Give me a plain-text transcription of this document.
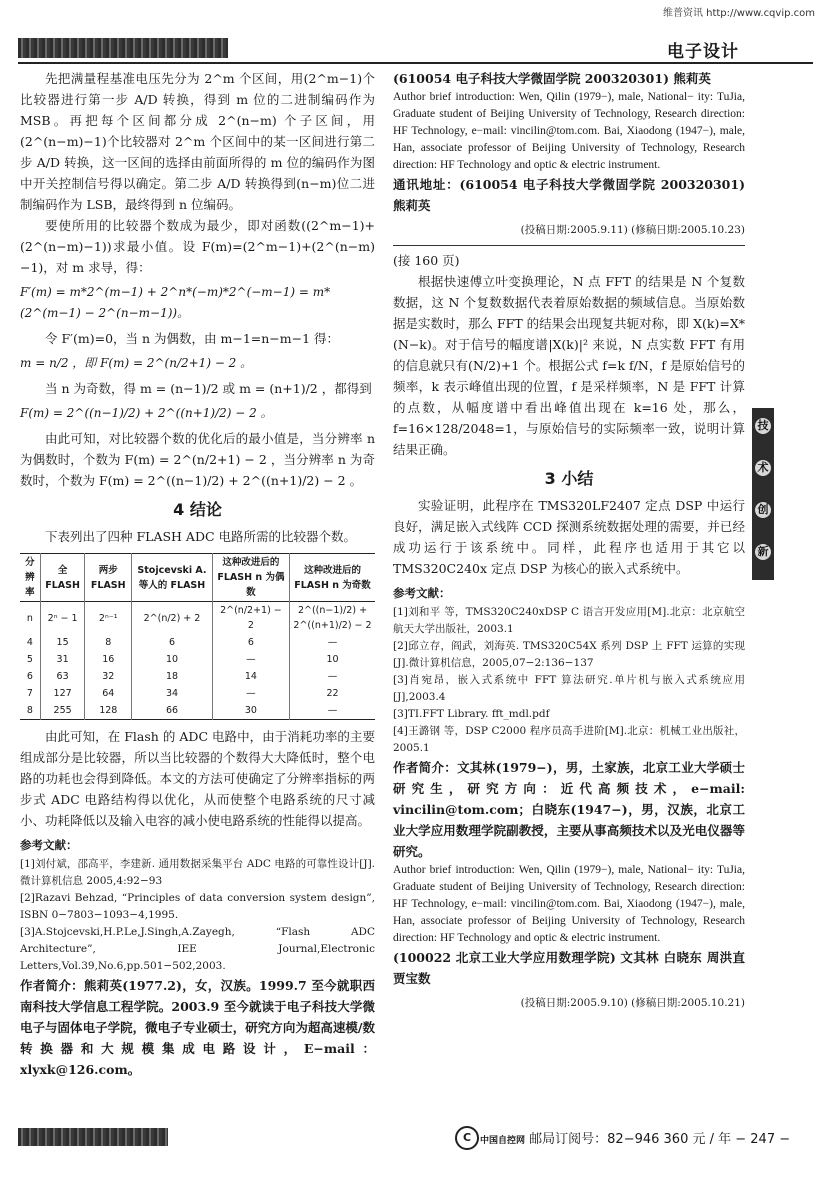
维普资讯 http://www.cqvip.com
电子设计

先把满量程基准电压先分为 2^m 个区间，用(2^m−1)个比较器进行第一步 A/D 转换，得到 m 位的二进制编码作为 MSB。再把每个区间都分成 2^(n−m) 个子区间，用(2^(n−m)−1)个比较器对 2^m 个区间中的某一区间进行第二步 A/D 转换，这一区间的选择由前面所得的 m 位的编码作为图中开关控制信号得以确定。第二步 A/D 转换得到(n−m)位二进制编码作为 LSB，最终得到 n 位编码。

要使所用的比较器个数成为最少，即对函数((2^m−1)+(2^(n−m)−1))求最小值。设 F(m)=(2^m−1)+(2^(n−m)−1)，对 m 求导，得：

F′(m) = m*2^(m−1) + 2^n*(−m)*2^(−m−1) = m*(2^(m−1) − 2^(n−m−1))。

令 F′(m)=0，当 n 为偶数，由 m−1=n−m−1 得：

m = n/2 ，即 F(m) = 2^(n/2+1) − 2 。

当 n 为奇数，得 m = (n−1)/2 或 m = (n+1)/2 ，都得到

F(m) = 2^((n−1)/2) + 2^((n+1)/2) − 2 。

由此可知，对比较器个数的优化后的最小值是，当分辨率 n 为偶数时，个数为 F(m) = 2^(n/2+1) − 2 ，当分辨率 n 为奇数时，个数为 F(m) = 2^((n−1)/2) + 2^((n+1)/2) − 2 。

4 结论

下表列出了四种 FLASH ADC 电路所需的比较器个数。

分辨率	全 FLASH	两步 FLASH	Stojcevski A. 等人的 FLASH	这种改进后的 FLASH n 为偶数	这种改进后的 FLASH n 为奇数
n	2ⁿ − 1	2ⁿ⁻¹	2^(n/2) + 2	2^(n/2+1) − 2	2^((n−1)/2) + 2^((n+1)/2) − 2
4	15	8	6	6	—
5	31	16	10	—	10
6	63	32	18	14	—
7	127	64	34	—	22
8	255	128	66	30	—

由此可知，在 Flash 的 ADC 电路中，由于消耗功率的主要组成部分是比较器，所以当比较器的个数得大大降低时，整个电路的功耗也会得到降低。本文的方法可使确定了分辨率指标的两步式 ADC 电路结构得以优化，从而使整个电路系统的尺寸减小、功耗降低以及输入电容的减小使电路系统的性能得以提高。

参考文献：

[1]刘付斌，邵高平，李建新. 通用数据采集平台 ADC 电路的可靠性设计[J].微计算机信息 2005,4:92−93

[2]Razavi Behzad, “Principles of data conversion system design”, ISBN 0−7803−1093−4,1995.

[3]A.Stojcevski,H.P.Le,J.Singh,A.Zayegh, “Flash ADC Architecture”, IEE Journal,Electronic Letters,Vol.39,No.6,pp.501−502,2003.

作者简介：熊莉英(1977.2)，女，汉族。1999.7 至今就职西南科技大学信息工程学院。2003.9 至今就读于电子科技大学微电子与固体电子学院，微电子专业硕士，研究方向为超高速模/数转换器和大规模集成电路设计，E−mail：xlyxk@126.com。

(610054 电子科技大学微固学院 200320301) 熊莉英

Author brief introduction: Wen, Qilin (1979−), male, National− ity: TuJia, Graduate student of Beijing University of Technology, Research direction: HF Technology, e−mail: vincilin@tom.com. Bai, Xiaodong (1947−), male, Han, associate professor of Beijing University of Technology, Research direction: HF Technology and optic & electric instrument.

通讯地址：(610054 电子科技大学微固学院 200320301) 熊莉英

(投稿日期:2005.9.11) (修稿日期:2005.10.23)

(接 160 页)

根据快速傅立叶变换理论，N 点 FFT 的结果是 N 个复数数据，这 N 个复数数据代表着原始数据的频域信息。当原始数据是实数时，那么 FFT 的结果会出现复共轭对称，即 X(k)=X*(N−k)。对于信号的幅度谱|X(k)|² 来说，N 点实数 FFT 有用的信息就只有(N/2)+1 个。根据公式 f=k f/N，f 是原始信号的频率，k 表示峰值出现的位置，f 是采样频率，N 是 FFT 计算的点数，从幅度谱中看出峰值出现在 k=16 处，那么，f=16×128/2048=1，与原始信号的实际频率一致，说明计算结果正确。

3 小结

实验证明，此程序在 TMS320LF2407 定点 DSP 中运行良好，满足嵌入式线阵 CCD 探测系统数据处理的需要，并已经成功运行于该系统中。同样，此程序也适用于其它以 TMS320C240x 定点 DSP 为核心的嵌入式系统中。

参考文献：

[1]刘和平 等，TMS320C240xDSP C 语言开发应用[M].北京：北京航空航天大学出版社，2003.1

[2]邱立存，阎武，刘海英. TMS320C54X 系列 DSP 上 FFT 运算的实现[J].微计算机信息，2005,07−2:136−137

[3]肖宛昂，嵌入式系统中 FFT 算法研究.单片机与嵌入式系统应用[J],2003.4

[3]TI.FFT Library. fft_mdl.pdf

[4]王潞钢 等，DSP C2000 程序员高手进阶[M].北京：机械工业出版社，2005.1

作者简介：文其林(1979−)，男，土家族，北京工业大学硕士研究生，研究方向：近代高频技术，e−mail: vincilin@tom.com；白晓东(1947−)，男，汉族，北京工业大学应用数理学院副教授，主要从事高频技术以及光电仪器等研究。

Author brief introduction: Wen, Qilin (1979−), male, National− ity: TuJia, Graduate student of Beijing University of Technology, Research direction: HF Technology, e−mail: vincilin@tom.com. Bai, Xiaodong (1947−), male, Han, associate professor of Beijing University of Technology, Research direction: HF Technology and optic & electric instrument.

(100022 北京工业大学应用数理学院) 文其林 白晓东 周洪直 贾宝数

(投稿日期:2005.9.10) (修稿日期:2005.10.21)
技
术
创
新
C 中国自控网 邮局订阅号：82−946 360 元 / 年 − 247 −
